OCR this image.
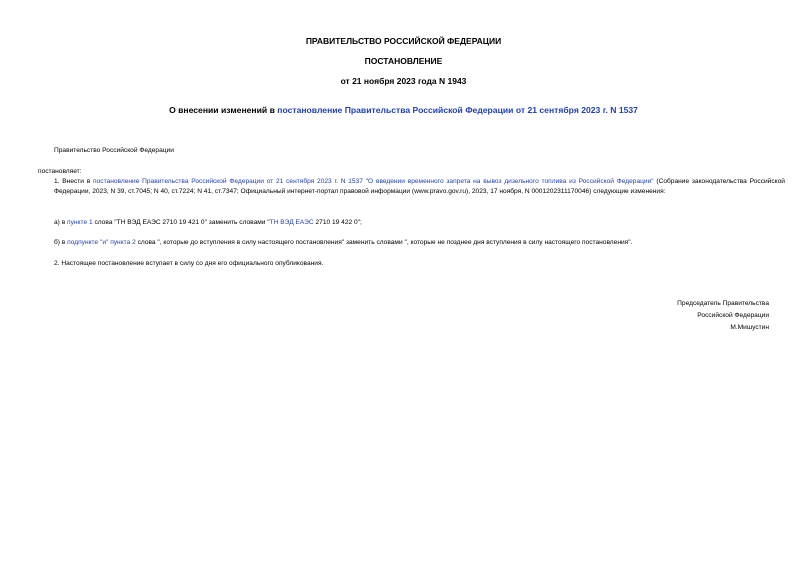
ПРАВИТЕЛЬСТВО РОССИЙСКОЙ ФЕДЕРАЦИИ
ПОСТАНОВЛЕНИЕ
от 21 ноября 2023 года N 1943
О внесении изменений в постановление Правительства Российской Федерации от 21 сентября 2023 г. N 1537
Правительство Российской Федерации
постановляет:
1. Внести в постановление Правительства Российской Федерации от 21 сентября 2023 г. N 1537 "О введении временного запрета на вывоз дизельного топлива из Российской Федерации" (Собрание законодательства Российской Федерации, 2023, N 39, ст.7045; N 40, ст.7224; N 41, ст.7347; Официальный интернет-портал правовой информации (www.pravo.gov.ru), 2023, 17 ноября, N 0001202311170046) следующие изменения:
а) в пункте 1 слова "ТН ВЭД ЕАЭС 2710 19 421 0" заменить словами "ТН ВЭД ЕАЭС 2710 19 422 0";
б) в подпункте "и" пункта 2 слова ", которые до вступления в силу настоящего постановления" заменить словами ", которые не позднее дня вступления в силу настоящего постановления".
2. Настоящее постановление вступает в силу со дня его официального опубликования.
Председатель Правительства
Российской Федерации
М.Мишустин
